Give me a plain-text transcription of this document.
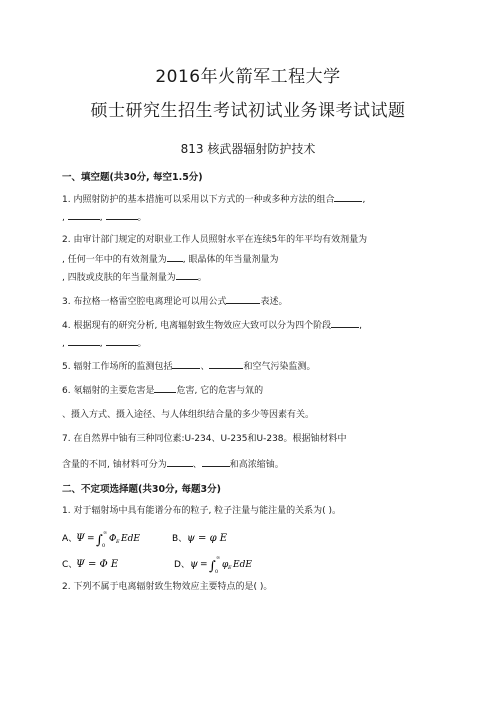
2016年火箭军工程大学
硕士研究生招生考试初试业务课考试试题
813 核武器辐射防护技术
一、填空题(共30分, 每空1.5分)
1. 内照射防护的基本措施可以采用以下方式的一种或多种方法的组合	,
,	,	。
2. 由审计部门规定的对职业工作人员照射水平在连续5年的年平均有效剂量为
, 任何一年中的有效剂量为 , 眼晶体的年当量剂量为
, 四肢或皮肤的年当量剂量为 。
3. 布拉格一格雷空腔电离理论可以用公式	表述。
4. 根据现有的研究分析, 电离辐射致生物效应大致可以分为四个阶段	,
,	,	。
5. 辐射工作场所的监测包括	、	和空气污染监测。
6. 氡辐射的主要危害是 危害, 它的危害与氚的
、摄入方式、摄入途径、与人体组织结合量的多少等因素有关。
7. 在自然界中铀有三种同位素:U-234、U-235和U-238。根据铀材料中
含量的不同, 铀材料可分为	、	和高浓缩铀。
二、不定项选择题(共30分, 每题3分)
1. 对于辐射场中具有能谱分布的粒子, 粒子注量与能注量的关系为( )。
A、
Ψ = ∫ ∞
0
Φ E EdE	B、 ψ = φ E
C、
Ψ = Φ E	D、 ψ = ∫
∞
0
φ E EdE
2. 下列不属于电离辐射致生物效应主要特点的是( )。
